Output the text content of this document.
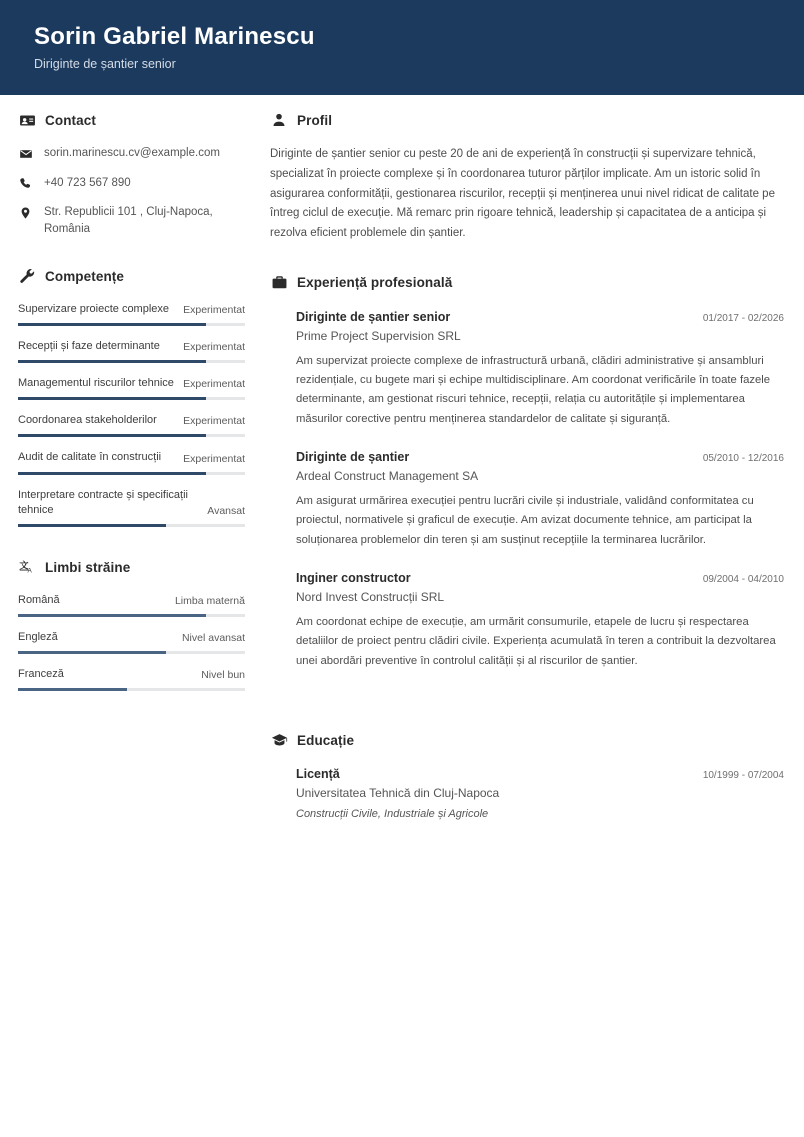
Sorin Gabriel Marinescu
Diriginte de șantier senior
Contact
sorin.marinescu.cv@example.com
+40 723 567 890
Str. Republicii 101 , Cluj-Napoca, România
Competențe
Supervizare proiecte complexe Experimentat
Recepții și faze determinante Experimentat
Managementul riscurilor tehnice Experimentat
Coordonarea stakeholderilor	Experimentat
Audit de calitate în construcții Experimentat
Interpretare contracte și specificații tehnice	Avansat
文
A Limbi străine
Română	Limba maternă
Engleză	Nivel avansat
Franceză	Nivel bun
Profil
Diriginte de șantier senior cu peste 20 de ani de experiență în construcții și supervizare tehnică, specializat în proiecte complexe și în coordonarea tuturor părților implicate. Am un istoric solid în asigurarea conformității, gestionarea riscurilor, recepții și menținerea unui nivel ridicat de calitate pe întreg ciclul de execuție. Mă remarc prin rigoare tehnică, leadership și capacitatea de a anticipa și rezolva eficient problemele din șantier.
Experiență profesională
Diriginte de șantier senior	01/2017 - 02/2026
Prime Project Supervision SRL
Am supervizat proiecte complexe de infrastructură urbană, clădiri administrative și ansambluri rezidențiale, cu bugete mari și echipe multidisciplinare. Am coordonat verificările în toate fazele determinante, am gestionat riscuri tehnice, recepții, relația cu autoritățile și implementarea măsurilor corective pentru menținerea standardelor de calitate și siguranță.
Diriginte de șantier	05/2010 - 12/2016
Ardeal Construct Management SA
Am asigurat urmărirea execuției pentru lucrări civile și industriale, validând conformitatea cu proiectul, normativele și graficul de execuție. Am avizat documente tehnice, am participat la soluționarea problemelor din teren și am susținut recepțiile la terminarea lucrărilor.
Inginer constructor	09/2004 - 04/2010
Nord Invest Construcții SRL
Am coordonat echipe de execuție, am urmărit consumurile, etapele de lucru și respectarea detaliilor de proiect pentru clădiri civile. Experiența acumulată în teren a contribuit la dezvoltarea unei abordări preventive în controlul calității și al riscurilor de șantier.
Educație
Licență	10/1999 - 07/2004
Universitatea Tehnică din Cluj-Napoca
Construcții Civile, Industriale și Agricole
